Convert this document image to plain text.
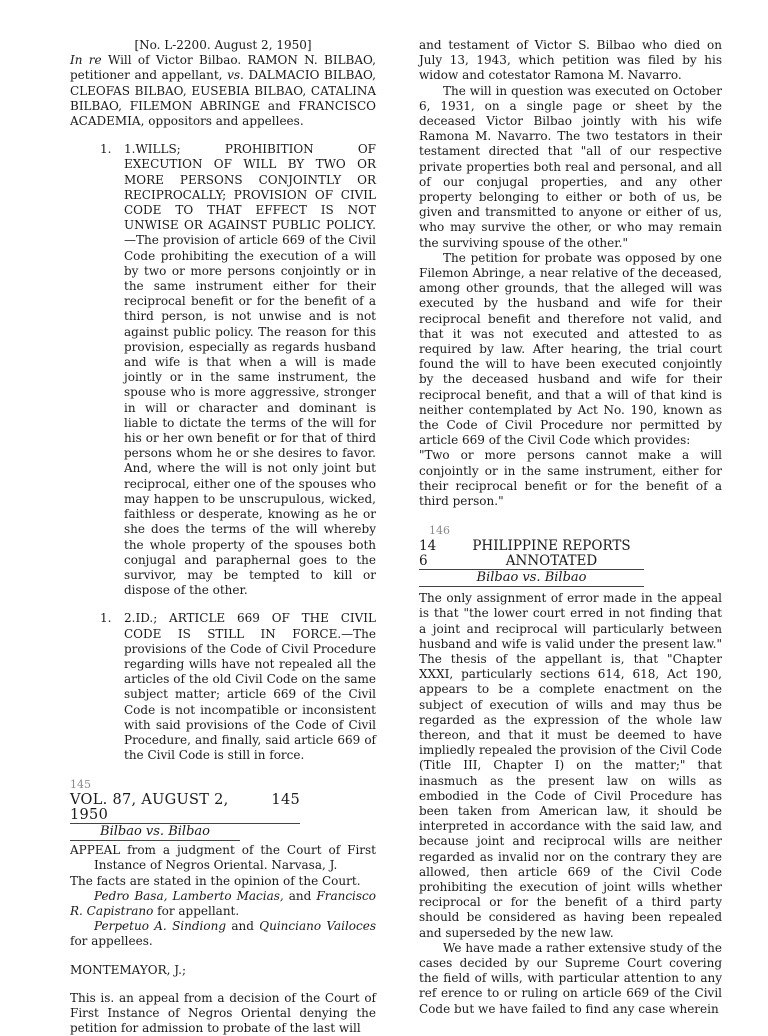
[No. L-2200. August 2, 1950]

In re Will of Victor Bilbao. RAMON N. BILBAO, petitioner and appellant, vs. DALMACIO BILBAO, CLEOFAS BILBAO, EUSEBIA BILBAO, CATALINA BILBAO, FILEMON ABRINGE and FRANCISCO ACADEMIA, oppositors and appellees.

1.	1.WILLS; PROHIBITION OF EXECUTION OF WILL BY TWO OR MORE PERSONS CONJOINTLY OR RECIPROCALLY; PROVISION OF CIVIL CODE TO THAT EFFECT IS NOT UNWISE OR AGAINST PUBLIC POLICY.—The provision of article 669 of the Civil Code prohibiting the execution of a will by two or more persons conjointly or in the same instrument either for their reciprocal benefit or for the benefit of a third person, is not unwise and is not against public policy. The reason for this provision, especially as regards husband and wife is that when a will is made jointly or in the same instrument, the spouse who is more aggressive, stronger in will or character and dominant is liable to dictate the terms of the will for his or her own benefit or for that of third persons whom he or she desires to favor. And, where the will is not only joint but reciprocal, either one of the spouses who may happen to be unscrupulous, wicked, faithless or desperate, knowing as he or she does the terms of the will whereby the whole property of the spouses both conjugal and paraphernal goes to the survivor, may be tempted to kill or dispose of the other.

1.	2.ID.; ARTICLE 669 OF THE CIVIL CODE IS STILL IN FORCE.—The provisions of the Code of Civil Procedure regarding wills have not repealed all the articles of the old Civil Code on the same subject matter; article 669 of the Civil Code is not incompatible or inconsistent with said provisions of the Code of Civil Procedure, and finally, said article 669 of the Civil Code is still in force.

145

VOL. 87, AUGUST 2, 1950
145

Bilbao vs. Bilbao

APPEAL from a judgment of the Court of First Instance of Negros Oriental. Narvasa, J.

The facts are stated in the opinion of the Court.

Pedro Basa, Lamberto Macias, and Francisco R. Capistrano for appellant.

Perpetuo A. Sindiong and Quinciano Vailoces for appellees.

MONTEMAYOR, J.;

This is. an appeal from a decision of the Court of First Instance of Negros Oriental denying the petition for admission to probate of the last will

and testament of Victor S. Bilbao who died on July 13, 1943, which petition was filed by his widow and cotestator Ramona M. Navarro.

The will in question was executed on October 6, 1931, on a single page or sheet by the deceased Victor Bilbao jointly with his wife Ramona M. Navarro. The two testators in their testament directed that "all of our respective private properties both real and personal, and all of our conjugal properties, and any other property belonging to either or both of us, be given and transmitted to anyone or either of us, who may survive the other, or who may remain the surviving spouse of the other."

The petition for probate was opposed by one Filemon Abringe, a near relative of the deceased, among other grounds, that the alleged will was executed by the husband and wife for their reciprocal benefit and therefore not valid, and that it was not executed and attested to as required by law. After hearing, the trial court found the will to have been executed conjointly by the deceased husband and wife for their reciprocal benefit, and that a will of that kind is neither contemplated by Act No. 190, known as the Code of Civil Procedure nor permitted by article 669 of the Civil Code which provides:

"Two or more persons cannot make a will conjointly or in the same instrument, either for their reciprocal benefit or for the benefit of a third person."

146

14	PHILIPPINE REPORTS
6	ANNOTATED

Bilbao vs. Bilbao

The only assignment of error made in the appeal is that "the lower court erred in not finding that a joint and reciprocal will particularly between husband and wife is valid under the present law." The thesis of the appellant is, that "Chapter XXXI, particularly sections 614, 618, Act 190, appears to be a complete enactment on the subject of execution of wills and may thus be regarded as the expression of the whole law thereon, and that it must be deemed to have impliedly repealed the provision of the Civil Code (Title III, Chapter I) on the matter;" that inasmuch as the present law on wills as embodied in the Code of Civil Procedure has been taken from American law, it should be interpreted in accordance with the said law, and because joint and reciprocal wills are neither regarded as invalid nor on the contrary they are allowed, then article 669 of the Civil Code prohibiting the execution of joint wills whether reciprocal or for the benefit of a third party should be considered as having been repealed and superseded by the new law.

We have made a rather extensive study of the cases decided by our Supreme Court covering the field of wills, with particular attention to any ref erence to or ruling on article 669 of the Civil Code but we have failed to find any case wherein
